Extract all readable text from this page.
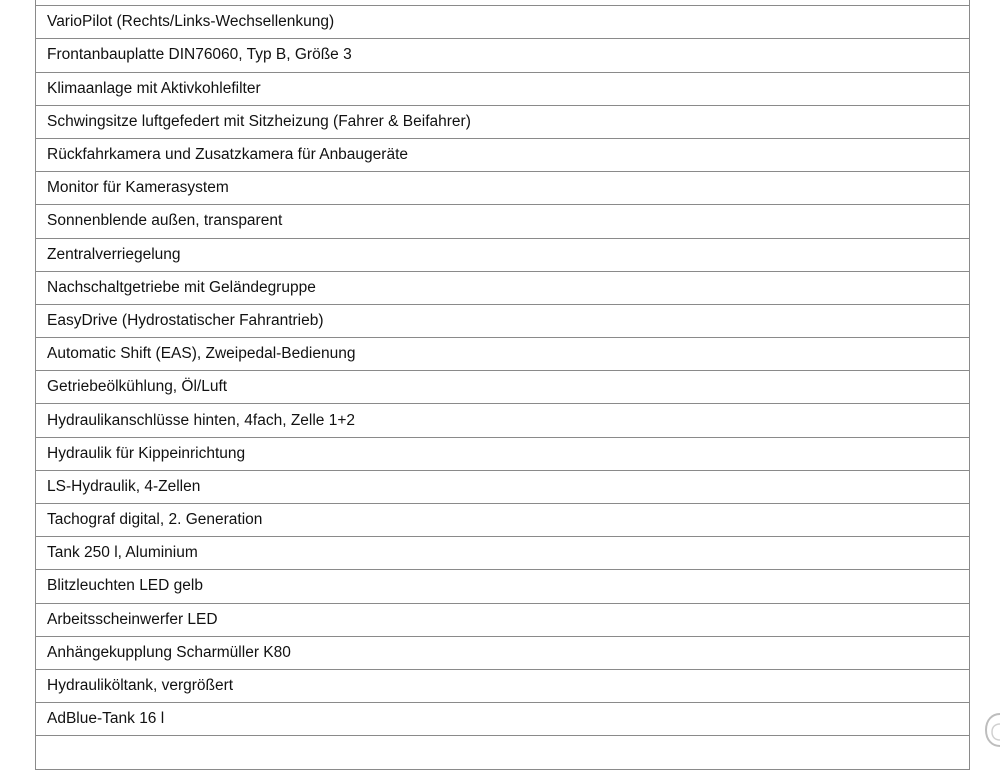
VarioPilot (Rechts/Links-Wechsellenkung)
Frontanbauplatte DIN76060, Typ B, Größe 3
Klimaanlage mit Aktivkohlefilter
Schwingsitze luftgefedert mit Sitzheizung (Fahrer & Beifahrer)
Rückfahrkamera und Zusatzkamera für Anbaugeräte
Monitor für Kamerasystem
Sonnenblende außen, transparent
Zentralverriegelung
Nachschaltgetriebe mit Geländegruppe
EasyDrive (Hydrostatischer Fahrantrieb)
Automatic Shift (EAS), Zweipedal-Bedienung
Getriebeölkühlung, Öl/Luft
Hydraulikanschlüsse hinten, 4fach, Zelle 1+2
Hydraulik für Kippeinrichtung
LS-Hydraulik, 4-Zellen
Tachograf digital, 2. Generation
Tank 250 l, Aluminium
Blitzleuchten LED gelb
Arbeitsscheinwerfer LED
Anhängekupplung Scharmüller K80
Hydrauliköltank, vergrößert
AdBlue-Tank 16 l
